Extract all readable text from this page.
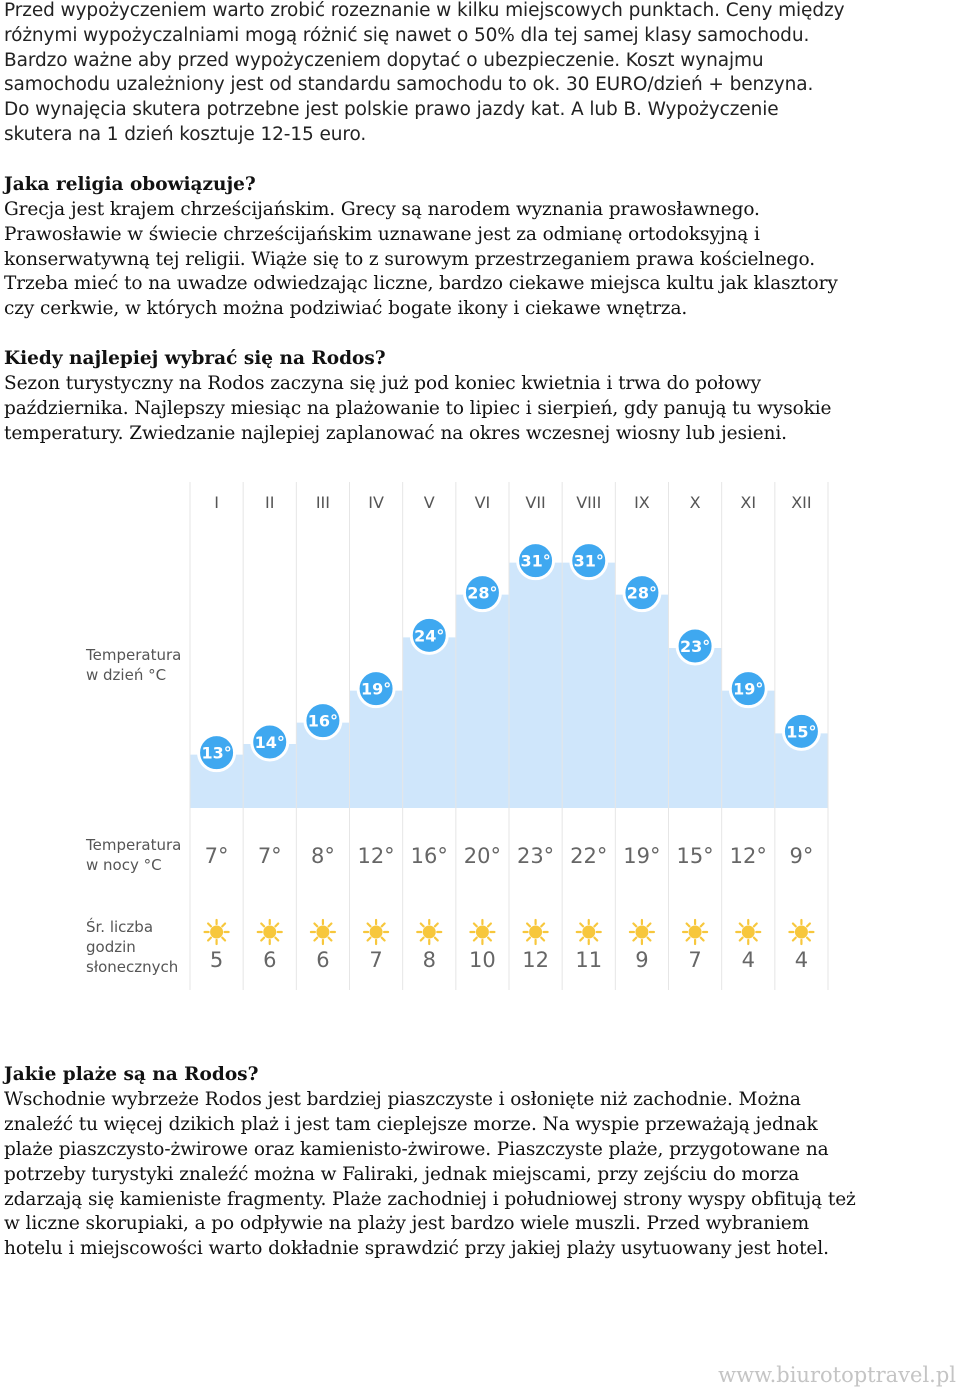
Przed wypożyczeniem warto zrobić rozeznanie w kilku miejscowych punktach. Ceny między

różnymi wypożyczalniami mogą różnić się nawet o 50% dla tej samej klasy samochodu.

Bardzo ważne aby przed wypożyczeniem dopytać o ubezpieczenie. Koszt wynajmu

samochodu uzależniony jest od standardu samochodu to ok. 30 EURO/dzień + benzyna.

Do wynajęcia skutera potrzebne jest polskie prawo jazdy kat. A lub B. Wypożyczenie

skutera na 1 dzień kosztuje 12-15 euro.

Jaka religia obowiązuje?

Grecja jest krajem chrześcijańskim. Grecy są narodem wyznania prawosławnego.

Prawosławie w świecie chrześcijańskim uznawane jest za odmianę ortodoksyjną i

konserwatywną tej religii. Wiąże się to z surowym przestrzeganiem prawa kościelnego.

Trzeba mieć to na uwadze odwiedzając liczne, bardzo ciekawe miejsca kultu jak klasztory

czy cerkwie, w których można podziwiać bogate ikony i ciekawe wnętrza.

Kiedy najlepiej wybrać się na Rodos?

Sezon turystyczny na Rodos zaczyna się już pod koniec kwietnia i trwa do połowy

października. Najlepszy miesiąc na plażowanie to lipiec i sierpień, gdy panują tu wysokie

temperatury. Zwiedzanie najlepiej zaplanować na okres wczesnej wiosny lub jesieni.

I	II	III IV V VI VII VIII IX X XI XII
13°
14°
16°
19°
24°
28°
31° 31°
28°
23°
19°
15°
Temperatura
w dzień °C
Temperatura
w nocy °C
Śr. liczba
godzin
słonecznych
7° 7° 8° 12° 16° 20° 23° 22° 19° 15° 12° 9°
5 6 6 7 8 10 12 11 9 7 4 4
Jakie plaże są na Rodos?

Wschodnie wybrzeże Rodos jest bardziej piaszczyste i osłonięte niż zachodnie. Można

znaleźć tu więcej dzikich plaż i jest tam cieplejsze morze. Na wyspie przeważają jednak

plaże piaszczysto-żwirowe oraz kamienisto-żwirowe. Piaszczyste plaże, przygotowane na

potrzeby turystyki znaleźć można w Faliraki, jednak miejscami, przy zejściu do morza

zdarzają się kamieniste fragmenty. Plaże zachodniej i południowej strony wyspy obfitują też

w liczne skorupiaki, a po odpływie na plaży jest bardzo wiele muszli. Przed wybraniem

hotelu i miejscowości warto dokładnie sprawdzić przy jakiej plaży usytuowany jest hotel.

www.biurotoptravel.pl
